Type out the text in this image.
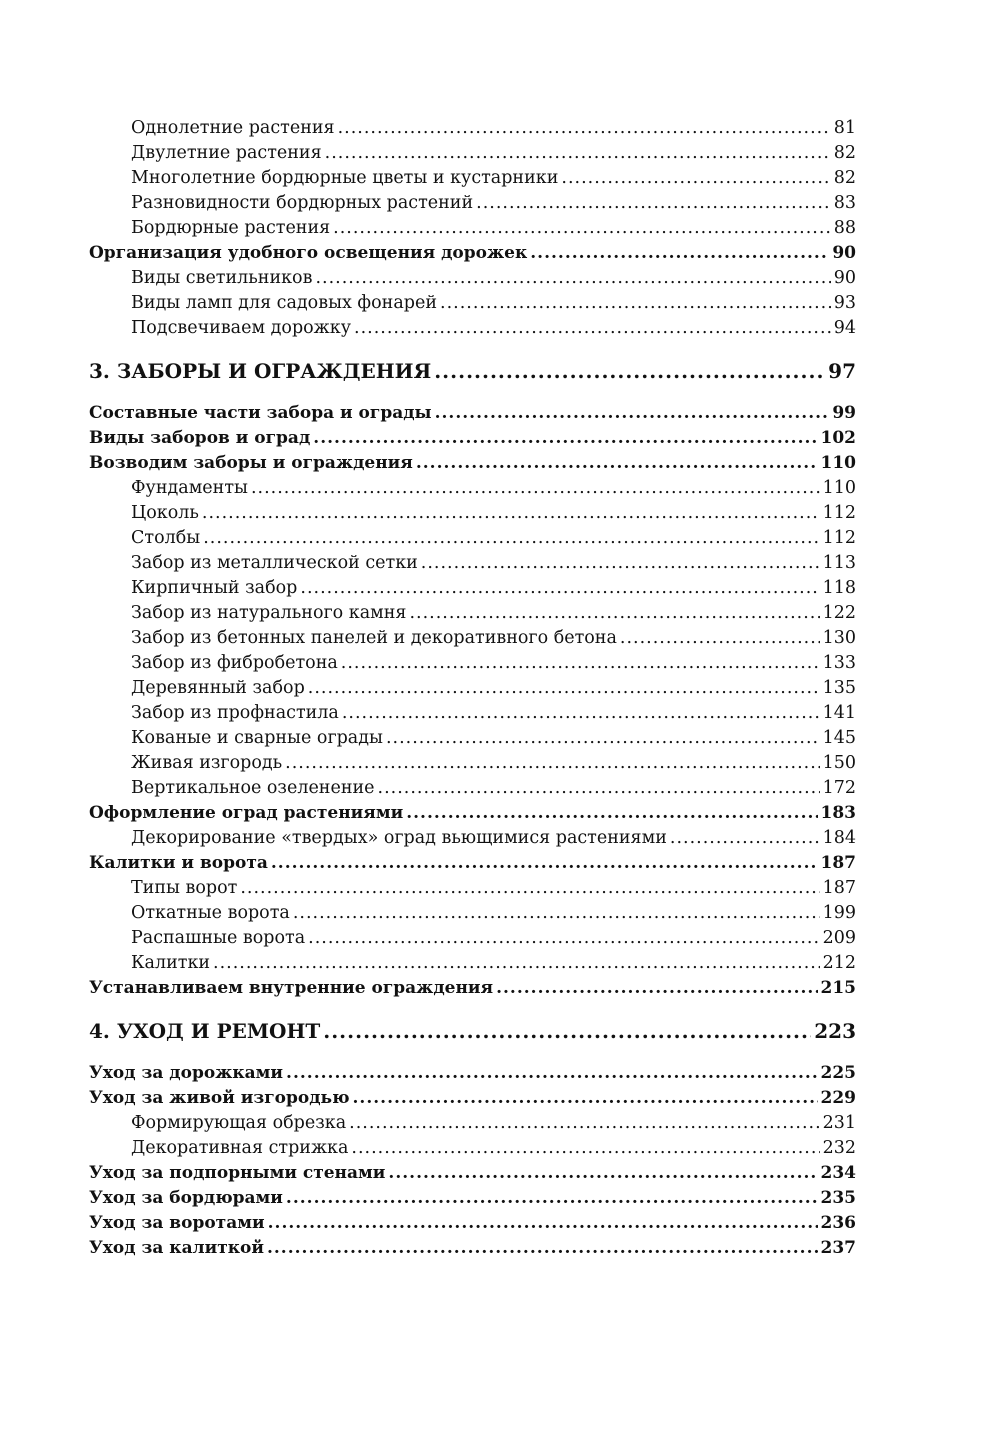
Однолетние растения .....	81
Двулетние растения .....	82
Многолетние бордюрные цветы и кустарники .....	82
Разновидности бордюрных растений .....	83
Бордюрные растения .....	88
Организация удобного освещения дорожек .....	90
Виды светильников .....	90
Виды ламп для садовых фонарей .....	93
Подсвечиваем дорожку .....	94
3. ЗАБОРЫ И ОГРАЖДЕНИЯ .....	97
Составные части забора и ограды .....	99
Виды заборов и оград .....	102
Возводим заборы и ограждения .....	110
Фундаменты .....	110
Цоколь .....	112
Столбы .....	112
Забор из металлической сетки .....	113
Кирпичный забор .....	118
Забор из натурального камня .....	122
Забор из бетонных панелей и декоративного бетона .....	130
Забор из фибробетона .....	133
Деревянный забор .....	135
Забор из профнастила .....	141
Кованые и сварные ограды .....	145
Живая изгородь .....	150
Вертикальное озеленение .....	172
Оформление оград растениями .....	183
Декорирование «твердых» оград вьющимися растениями .....	184
Калитки и ворота .....	187
Типы ворот .....	187
Откатные ворота .....	199
Распашные ворота .....	209
Калитки .....	212
Устанавливаем внутренние ограждения .....	215
4. УХОД И РЕМОНТ .....	223
Уход за дорожками .....	225
Уход за живой изгородью .....	229
Формирующая обрезка .....	231
Декоративная стрижка .....	232
Уход за подпорными стенами .....	234
Уход за бордюрами .....	235
Уход за воротами .....	236
Уход за калиткой .....	237
